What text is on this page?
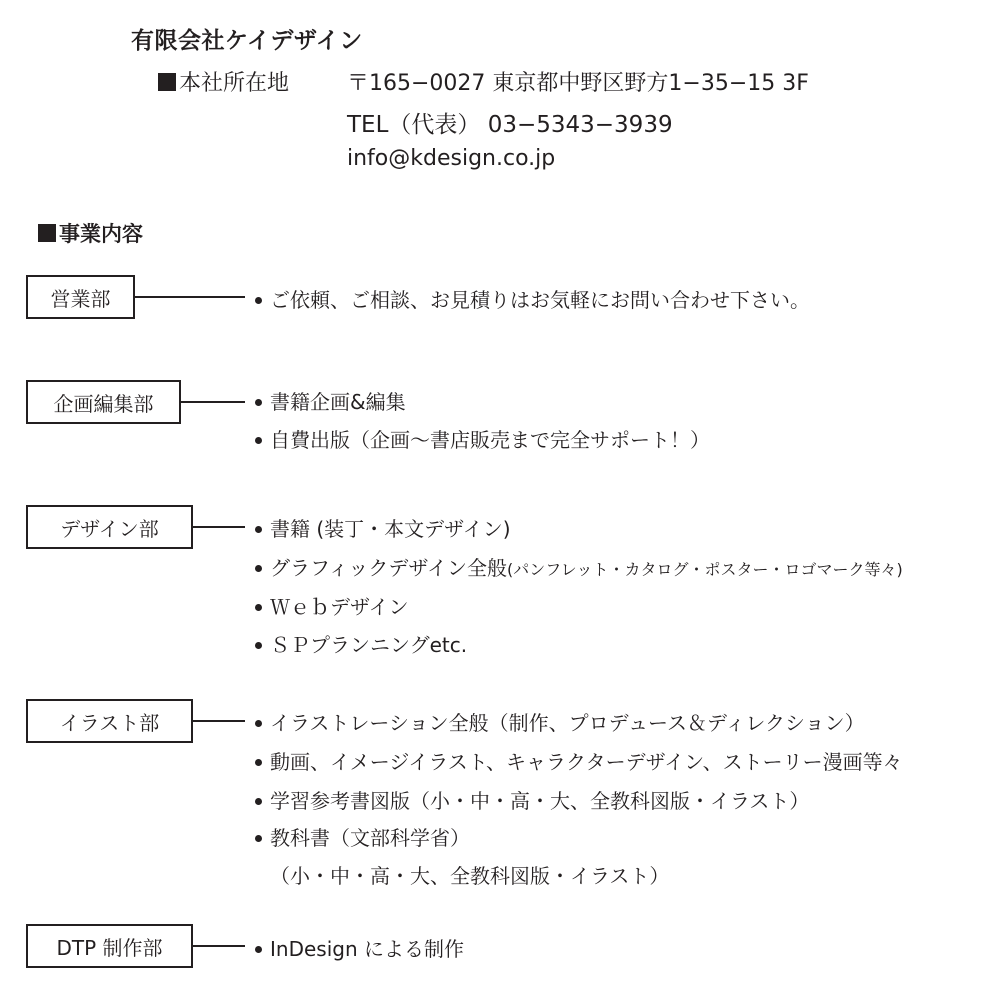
有限会社ケイデザイン
本社所在地	〒165−0027 東京都中野区野方1−35−15 3F
TEL（代表） 03−5343−3939
info@kdesign.co.jp
事業内容
営業部	ご依頼、ご相談、お見積りはお気軽にお問い合わせ下さい。
企画編集部	書籍企画&編集
自費出版（企画〜書店販売まで完全サポート！）
デザイン部	書籍 (装丁・本文デザイン)
グラフィックデザイン全般(パンフレット・カタログ・ポスター・ロゴマーク等々)
Ｗｅｂデザイン
ＳＰプランニングetc.
イラスト部	イラストレーション全般（制作、プロデュース＆ディレクション）
動画、イメージイラスト、キャラクターデザイン、ストーリー漫画等々
学習参考書図版（小・中・高・大、全教科図版・イラスト）
教科書（文部科学省）
（小・中・高・大、全教科図版・イラスト）
DTP 制作部	InDesign による制作
